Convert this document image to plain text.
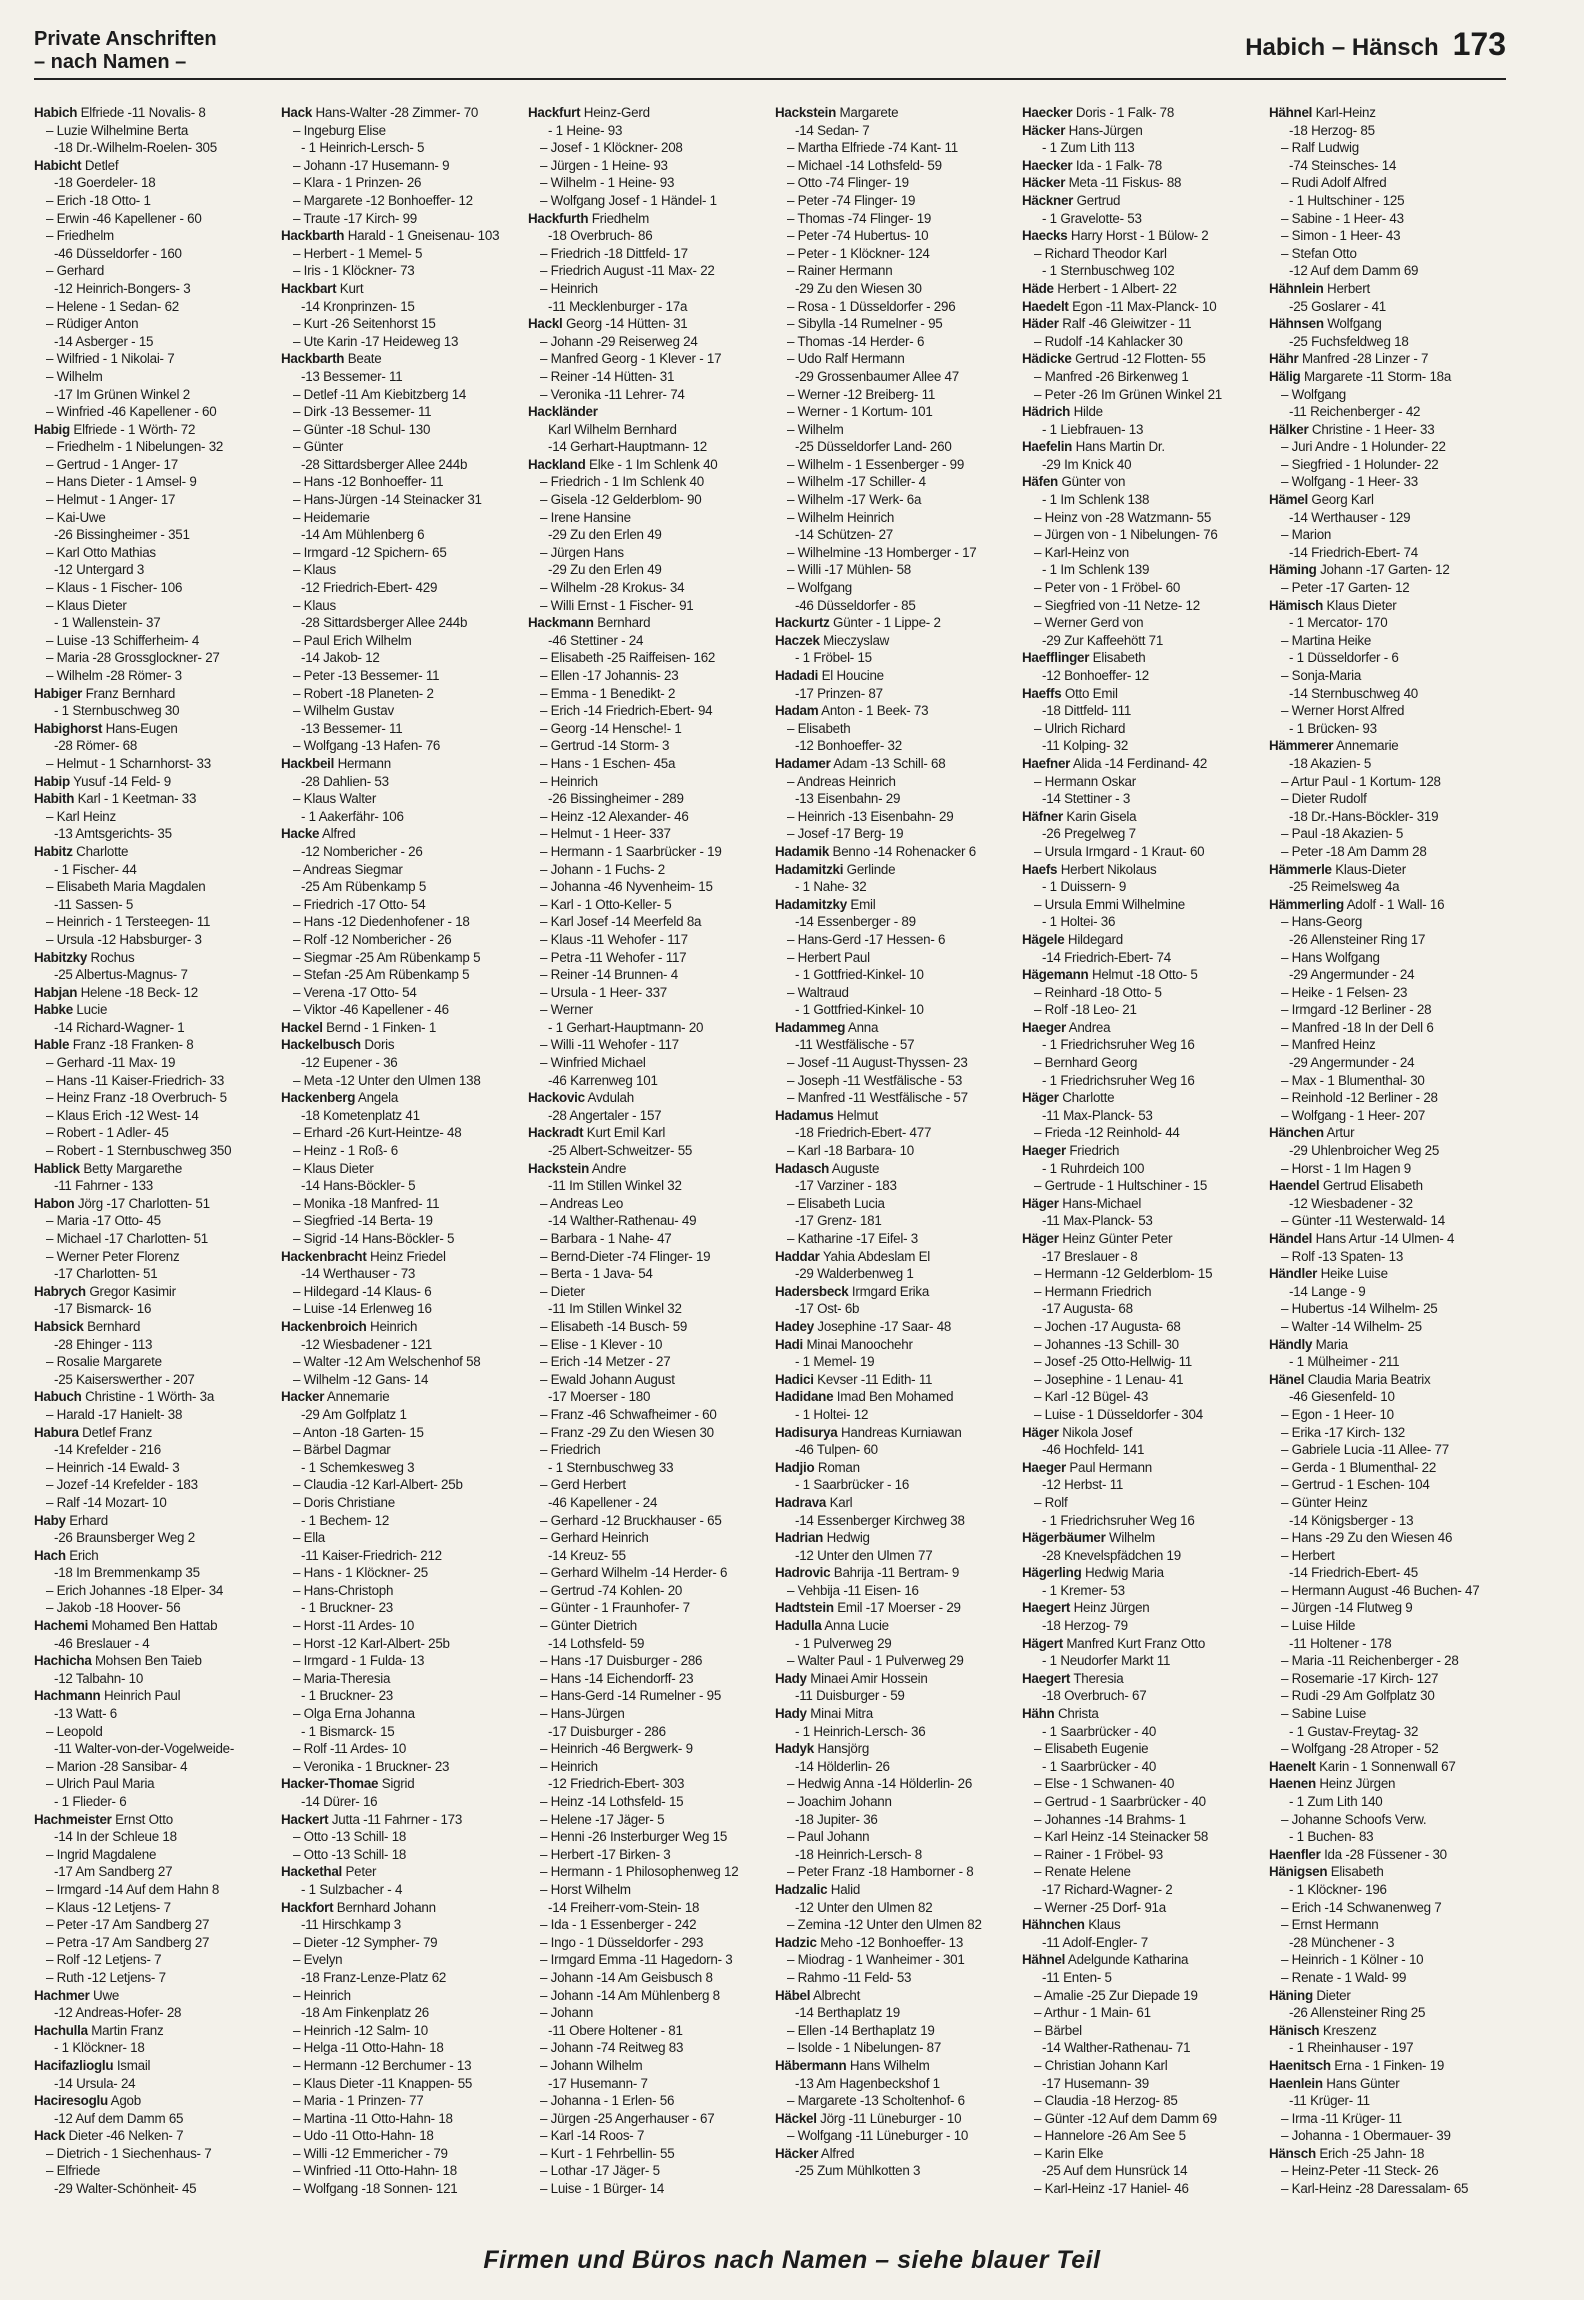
Private Anschriften
– nach Namen –
Habich – Hänsch 173
Habich Elfriede -11 Novalis- 8
– Luzie Wilhelmine Berta
-18 Dr.-Wilhelm-Roelen- 305
Habicht Detlef
-18 Goerdeler- 18
– Erich -18 Otto- 1
– Erwin -46 Kapellener - 60
– Friedhelm
-46 Düsseldorfer - 160
– Gerhard
-12 Heinrich-Bongers- 3
– Helene - 1 Sedan- 62
– Rüdiger Anton
-14 Asberger - 15
– Wilfried - 1 Nikolai- 7
– Wilhelm
-17 Im Grünen Winkel 2
– Winfried -46 Kapellener - 60
Habig Elfriede - 1 Wörth- 72
– Friedhelm - 1 Nibelungen- 32
– Gertrud - 1 Anger- 17
– Hans Dieter - 1 Amsel- 9
– Helmut - 1 Anger- 17
– Kai-Uwe
-26 Bissingheimer - 351
– Karl Otto Mathias
-12 Untergard 3
– Klaus - 1 Fischer- 106
– Klaus Dieter
- 1 Wallenstein- 37
– Luise -13 Schifferheim- 4
– Maria -28 Grossglockner- 27
– Wilhelm -28 Römer- 3
Habiger Franz Bernhard
- 1 Sternbuschweg 30
Habighorst Hans-Eugen
-28 Römer- 68
– Helmut - 1 Scharnhorst- 33
Habip Yusuf -14 Feld- 9
Habith Karl - 1 Keetman- 33
– Karl Heinz
-13 Amtsgerichts- 35
Habitz Charlotte
- 1 Fischer- 44
– Elisabeth Maria Magdalen
-11 Sassen- 5
– Heinrich - 1 Tersteegen- 11
– Ursula -12 Habsburger- 3
Habitzky Rochus
-25 Albertus-Magnus- 7
Habjan Helene -18 Beck- 12
Habke Lucie
-14 Richard-Wagner- 1
Hable Franz -18 Franken- 8
– Gerhard -11 Max- 19
– Hans -11 Kaiser-Friedrich- 33
– Heinz Franz -18 Overbruch- 5
– Klaus Erich -12 West- 14
– Robert - 1 Adler- 45
– Robert - 1 Sternbuschweg 350
Hablick Betty Margarethe
-11 Fahrner - 133
Habon Jörg -17 Charlotten- 51
– Maria -17 Otto- 45
– Michael -17 Charlotten- 51
– Werner Peter Florenz
-17 Charlotten- 51
Habrych Gregor Kasimir
-17 Bismarck- 16
Habsick Bernhard
-28 Ehinger - 113
– Rosalie Margarete
-25 Kaiserswerther - 207
Habuch Christine - 1 Wörth- 3a
– Harald -17 Hanielt- 38
Habura Detlef Franz
-14 Krefelder - 216
– Heinrich -14 Ewald- 3
– Jozef -14 Krefelder - 183
– Ralf -14 Mozart- 10
Haby Erhard
-26 Braunsberger Weg 2
Hach Erich
-18 Im Bremmenkamp 35
– Erich Johannes -18 Elper- 34
– Jakob -18 Hoover- 56
Hachemi Mohamed Ben Hattab
-46 Breslauer - 4
Hachicha Mohsen Ben Taieb
-12 Talbahn- 10
Hachmann Heinrich Paul
-13 Watt- 6
– Leopold
-11 Walter-von-der-Vogelweide-
– Marion -28 Sansibar- 4
– Ulrich Paul Maria
- 1 Flieder- 6
Hachmeister Ernst Otto
-14 In der Schleue 18
– Ingrid Magdalene
-17 Am Sandberg 27
– Irmgard -14 Auf dem Hahn 8
– Klaus -12 Letjens- 7
– Peter -17 Am Sandberg 27
– Petra -17 Am Sandberg 27
– Rolf -12 Letjens- 7
– Ruth -12 Letjens- 7
Hachmer Uwe
-12 Andreas-Hofer- 28
Hachulla Martin Franz
- 1 Klöckner- 18
Hacifazlioglu Ismail
-14 Ursula- 24
Haciresoglu Agob
-12 Auf dem Damm 65
Hack Dieter -46 Nelken- 7
– Dietrich - 1 Siechenhaus- 7
– Elfriede
-29 Walter-Schönheit- 45
Hack Hans-Walter -28 Zimmer- 70
– Ingeburg Elise
- 1 Heinrich-Lersch- 5
– Johann -17 Husemann- 9
– Klara - 1 Prinzen- 26
– Margarete -12 Bonhoeffer- 12
– Traute -17 Kirch- 99
Hackbarth Harald - 1 Gneisenau- 103
– Herbert - 1 Memel- 5
– Iris - 1 Klöckner- 73
Hackbart Kurt
-14 Kronprinzen- 15
– Kurt -26 Seitenhorst 15
– Ute Karin -17 Heideweg 13
Hackbarth Beate
-13 Bessemer- 11
– Detlef -11 Am Kiebitzberg 14
– Dirk -13 Bessemer- 11
– Günter -18 Schul- 130
– Günter
-28 Sittardsberger Allee 244b
– Hans -12 Bonhoeffer- 11
– Hans-Jürgen -14 Steinacker 31
– Heidemarie
-14 Am Mühlenberg 6
– Irmgard -12 Spichern- 65
– Klaus
-12 Friedrich-Ebert- 429
– Klaus
-28 Sittardsberger Allee 244b
– Paul Erich Wilhelm
-14 Jakob- 12
– Peter -13 Bessemer- 11
– Robert -18 Planeten- 2
– Wilhelm Gustav
-13 Bessemer- 11
– Wolfgang -13 Hafen- 76
Hackbeil Hermann
-28 Dahlien- 53
– Klaus Walter
- 1 Aakerfähr- 106
Hacke Alfred
-12 Nombericher - 26
– Andreas Siegmar
-25 Am Rübenkamp 5
– Friedrich -17 Otto- 54
– Hans -12 Diedenhofener - 18
– Rolf -12 Nombericher - 26
– Siegmar -25 Am Rübenkamp 5
– Stefan -25 Am Rübenkamp 5
– Verena -17 Otto- 54
– Viktor -46 Kapellener - 46
Hackel Bernd - 1 Finken- 1
Hackelbusch Doris
-12 Eupener - 36
– Meta -12 Unter den Ulmen 138
Hackenberg Angela
-18 Kometenplatz 41
– Erhard -26 Kurt-Heintze- 48
– Heinz - 1 Roß- 6
– Klaus Dieter
-14 Hans-Böckler- 5
– Monika -18 Manfred- 11
– Siegfried -14 Berta- 19
– Sigrid -14 Hans-Böckler- 5
Hackenbracht Heinz Friedel
-14 Werthauser - 73
– Hildegard -14 Klaus- 6
– Luise -14 Erlenweg 16
Hackenbroich Heinrich
-12 Wiesbadener - 121
– Walter -12 Am Welschenhof 58
– Wilhelm -12 Gans- 14
Hacker Annemarie
-29 Am Golfplatz 1
– Anton -18 Garten- 15
– Bärbel Dagmar
- 1 Schemkesweg 3
– Claudia -12 Karl-Albert- 25b
– Doris Christiane
- 1 Bechem- 12
– Ella
-11 Kaiser-Friedrich- 212
– Hans - 1 Klöckner- 25
– Hans-Christoph
- 1 Bruckner- 23
– Horst -11 Ardes- 10
– Horst -12 Karl-Albert- 25b
– Irmgard - 1 Fulda- 13
– Maria-Theresia
- 1 Bruckner- 23
– Olga Erna Johanna
- 1 Bismarck- 15
– Rolf -11 Ardes- 10
– Veronika - 1 Bruckner- 23
Hacker-Thomae Sigrid
-14 Dürer- 16
Hackert Jutta -11 Fahrner - 173
– Otto -13 Schill- 18
– Otto -13 Schill- 18
Hackethal Peter
- 1 Sulzbacher - 4
Hackfort Bernhard Johann
-11 Hirschkamp 3
– Dieter -12 Sympher- 79
– Evelyn
-18 Franz-Lenze-Platz 62
– Heinrich
-18 Am Finkenplatz 26
– Heinrich -12 Salm- 10
– Helga -11 Otto-Hahn- 18
– Hermann -12 Berchumer - 13
– Klaus Dieter -11 Knappen- 55
– Maria - 1 Prinzen- 77
– Martina -11 Otto-Hahn- 18
– Udo -11 Otto-Hahn- 18
– Willi -12 Emmericher - 79
– Winfried -11 Otto-Hahn- 18
– Wolfgang -18 Sonnen- 121
Hackfurt Heinz-Gerd
- 1 Heine- 93
– Josef - 1 Klöckner- 208
– Jürgen - 1 Heine- 93
– Wilhelm - 1 Heine- 93
– Wolfgang Josef - 1 Händel- 1
Hackfurth Friedhelm
-18 Overbruch- 86
– Friedrich -18 Dittfeld- 17
– Friedrich August -11 Max- 22
– Heinrich
-11 Mecklenburger - 17a
Hackl Georg -14 Hütten- 31
– Johann -29 Reiserweg 24
– Manfred Georg - 1 Klever - 17
– Reiner -14 Hütten- 31
– Veronika -11 Lehrer- 74
Hackländer
Karl Wilhelm Bernhard
-14 Gerhart-Hauptmann- 12
Hackland Elke - 1 Im Schlenk 40
– Friedrich - 1 Im Schlenk 40
– Gisela -12 Gelderblom- 90
– Irene Hansine
-29 Zu den Erlen 49
– Jürgen Hans
-29 Zu den Erlen 49
– Wilhelm -28 Krokus- 34
– Willi Ernst - 1 Fischer- 91
Hackmann Bernhard
-46 Stettiner - 24
– Elisabeth -25 Raiffeisen- 162
– Ellen -17 Johannis- 23
– Emma - 1 Benedikt- 2
– Erich -14 Friedrich-Ebert- 94
– Georg -14 Hensche!- 1
– Gertrud -14 Storm- 3
– Hans - 1 Eschen- 45a
– Heinrich
-26 Bissingheimer - 289
– Heinz -12 Alexander- 46
– Helmut - 1 Heer- 337
– Hermann - 1 Saarbrücker - 19
– Johann - 1 Fuchs- 2
– Johanna -46 Nyvenheim- 15
– Karl - 1 Otto-Keller- 5
– Karl Josef -14 Meerfeld 8a
– Klaus -11 Wehofer - 117
– Petra -11 Wehofer - 117
– Reiner -14 Brunnen- 4
– Ursula - 1 Heer- 337
– Werner
- 1 Gerhart-Hauptmann- 20
– Willi -11 Wehofer - 117
– Winfried Michael
-46 Karrenweg 101
Hackovic Avdulah
-28 Angertaler - 157
Hackradt Kurt Emil Karl
-25 Albert-Schweitzer- 55
Hackstein Andre
-11 Im Stillen Winkel 32
– Andreas Leo
-14 Walther-Rathenau- 49
– Barbara - 1 Nahe- 47
– Bernd-Dieter -74 Flinger- 19
– Berta - 1 Java- 54
– Dieter
-11 Im Stillen Winkel 32
– Elisabeth -14 Busch- 59
– Elise - 1 Klever - 10
– Erich -14 Metzer - 27
– Ewald Johann August
-17 Moerser - 180
– Franz -46 Schwafheimer - 60
– Franz -29 Zu den Wiesen 30
– Friedrich
- 1 Sternbuschweg 33
– Gerd Herbert
-46 Kapellener - 24
– Gerhard -12 Bruckhauser - 65
– Gerhard Heinrich
-14 Kreuz- 55
– Gerhard Wilhelm -14 Herder- 6
– Gertrud -74 Kohlen- 20
– Günter - 1 Fraunhofer- 7
– Günter Dietrich
-14 Lothsfeld- 59
– Hans -17 Duisburger - 286
– Hans -14 Eichendorff- 23
– Hans-Gerd -14 Rumelner - 95
– Hans-Jürgen
-17 Duisburger - 286
– Heinrich -46 Bergwerk- 9
– Heinrich
-12 Friedrich-Ebert- 303
– Heinz -14 Lothsfeld- 15
– Helene -17 Jäger- 5
– Henni -26 Insterburger Weg 15
– Herbert -17 Birken- 3
– Hermann - 1 Philosophenweg 12
– Horst Wilhelm
-14 Freiherr-vom-Stein- 18
– Ida - 1 Essenberger - 242
– Ingo - 1 Düsseldorfer - 293
– Irmgard Emma -11 Hagedorn- 3
– Johann -14 Am Geisbusch 8
– Johann -14 Am Mühlenberg 8
– Johann
-11 Obere Holtener - 81
– Johann -74 Reitweg 83
– Johann Wilhelm
-17 Husemann- 7
– Johanna - 1 Erlen- 56
– Jürgen -25 Angerhauser - 67
– Karl -14 Roos- 7
– Kurt - 1 Fehrbellin- 55
– Lothar -17 Jäger- 5
– Luise - 1 Bürger- 14
Hackstein Margarete
-14 Sedan- 7
– Martha Elfriede -74 Kant- 11
– Michael -14 Lothsfeld- 59
– Otto -74 Flinger- 19
– Peter -74 Flinger- 19
– Thomas -74 Flinger- 19
– Peter -74 Hubertus- 10
– Peter - 1 Klöckner- 124
– Rainer Hermann
-29 Zu den Wiesen 30
– Rosa - 1 Düsseldorfer - 296
– Sibylla -14 Rumelner - 95
– Thomas -14 Herder- 6
– Udo Ralf Hermann
-29 Grossenbaumer Allee 47
– Werner -12 Breiberg- 11
– Werner - 1 Kortum- 101
– Wilhelm
-25 Düsseldorfer Land- 260
– Wilhelm - 1 Essenberger - 99
– Wilhelm -17 Schiller- 4
– Wilhelm -17 Werk- 6a
– Wilhelm Heinrich
-14 Schützen- 27
– Wilhelmine -13 Homberger - 17
– Willi -17 Mühlen- 58
– Wolfgang
-46 Düsseldorfer - 85
Hackurtz Günter - 1 Lippe- 2
Haczek Mieczyslaw
- 1 Fröbel- 15
Hadadi El Houcine
-17 Prinzen- 87
Hadam Anton - 1 Beek- 73
– Elisabeth
-12 Bonhoeffer- 32
Hadamer Adam -13 Schill- 68
– Andreas Heinrich
-13 Eisenbahn- 29
– Heinrich -13 Eisenbahn- 29
– Josef -17 Berg- 19
Hadamik Benno -14 Rohenacker 6
Hadamitzki Gerlinde
- 1 Nahe- 32
Hadamitzky Emil
-14 Essenberger - 89
– Hans-Gerd -17 Hessen- 6
– Herbert Paul
- 1 Gottfried-Kinkel- 10
– Waltraud
- 1 Gottfried-Kinkel- 10
Hadammeg Anna
-11 Westfälische - 57
– Josef -11 August-Thyssen- 23
– Joseph -11 Westfälische - 53
– Manfred -11 Westfälische - 57
Hadamus Helmut
-18 Friedrich-Ebert- 477
– Karl -18 Barbara- 10
Hadasch Auguste
-17 Varziner - 183
– Elisabeth Lucia
-17 Grenz- 181
– Katharine -17 Eifel- 3
Haddar Yahia Abdeslam El
-29 Walderbenweg 1
Hadersbeck Irmgard Erika
-17 Ost- 6b
Hadey Josephine -17 Saar- 48
Hadi Minai Manoochehr
- 1 Memel- 19
Hadici Kevser -11 Edith- 11
Hadidane Imad Ben Mohamed
- 1 Holtei- 12
Hadisurya Handreas Kurniawan
-46 Tulpen- 60
Hadjio Roman
- 1 Saarbrücker - 16
Hadrava Karl
-14 Essenberger Kirchweg 38
Hadrian Hedwig
-12 Unter den Ulmen 77
Hadrovic Bahrija -11 Bertram- 9
– Vehbija -11 Eisen- 16
Hadtstein Emil -17 Moerser - 29
Hadulla Anna Lucie
- 1 Pulverweg 29
– Walter Paul - 1 Pulverweg 29
Hady Minaei Amir Hossein
-11 Duisburger - 59
Hady Minai Mitra
- 1 Heinrich-Lersch- 36
Hadyk Hansjörg
-14 Hölderlin- 26
– Hedwig Anna -14 Hölderlin- 26
– Joachim Johann
-18 Jupiter- 36
– Paul Johann
-18 Heinrich-Lersch- 8
– Peter Franz -18 Hamborner - 8
Hadzalic Halid
-12 Unter den Ulmen 82
– Zemina -12 Unter den Ulmen 82
Hadzic Meho -12 Bonhoeffer- 13
– Miodrag - 1 Wanheimer - 301
– Rahmo -11 Feld- 53
Häbel Albrecht
-14 Berthaplatz 19
– Ellen -14 Berthaplatz 19
– Isolde - 1 Nibelungen- 87
Häbermann Hans Wilhelm
-13 Am Hagenbeckshof 1
– Margarete -13 Scholtenhof- 6
Häckel Jörg -11 Lüneburger - 10
– Wolfgang -11 Lüneburger - 10
Häcker Alfred
-25 Zum Mühlkotten 3
Haecker Doris - 1 Falk- 78
Häcker Hans-Jürgen
- 1 Zum Lith 113
Haecker Ida - 1 Falk- 78
Häcker Meta -11 Fiskus- 88
Häckner Gertrud
- 1 Gravelotte- 53
Haecks Harry Horst - 1 Bülow- 2
– Richard Theodor Karl
- 1 Sternbuschweg 102
Häde Herbert - 1 Albert- 22
Haedelt Egon -11 Max-Planck- 10
Häder Ralf -46 Gleiwitzer - 11
– Rudolf -14 Kahlacker 30
Hädicke Gertrud -12 Flotten- 55
– Manfred -26 Birkenweg 1
– Peter -26 Im Grünen Winkel 21
Hädrich Hilde
- 1 Liebfrauen- 13
Haefelin Hans Martin Dr.
-29 Im Knick 40
Häfen Günter von
- 1 Im Schlenk 138
– Heinz von -28 Watzmann- 55
– Jürgen von - 1 Nibelungen- 76
– Karl-Heinz von
- 1 Im Schlenk 139
– Peter von - 1 Fröbel- 60
– Siegfried von -11 Netze- 12
– Werner Gerd von
-29 Zur Kaffeehött 71
Haefflinger Elisabeth
-12 Bonhoeffer- 12
Haeffs Otto Emil
-18 Dittfeld- 111
– Ulrich Richard
-11 Kolping- 32
Haefner Alida -14 Ferdinand- 42
– Hermann Oskar
-14 Stettiner - 3
Häfner Karin Gisela
-26 Pregelweg 7
– Ursula Irmgard - 1 Kraut- 60
Haefs Herbert Nikolaus
- 1 Duissern- 9
– Ursula Emmi Wilhelmine
- 1 Holtei- 36
Hägele Hildegard
-14 Friedrich-Ebert- 74
Hägemann Helmut -18 Otto- 5
– Reinhard -18 Otto- 5
– Rolf -18 Leo- 21
Haeger Andrea
- 1 Friedrichsruher Weg 16
– Bernhard Georg
- 1 Friedrichsruher Weg 16
Häger Charlotte
-11 Max-Planck- 53
– Frieda -12 Reinhold- 44
Haeger Friedrich
- 1 Ruhrdeich 100
– Gertrude - 1 Hultschiner - 15
Häger Hans-Michael
-11 Max-Planck- 53
Häger Heinz Günter Peter
-17 Breslauer - 8
– Hermann -12 Gelderblom- 15
– Hermann Friedrich
-17 Augusta- 68
– Jochen -17 Augusta- 68
– Johannes -13 Schill- 30
– Josef -25 Otto-Hellwig- 11
– Josephine - 1 Lenau- 41
– Karl -12 Bügel- 43
– Luise - 1 Düsseldorfer - 304
Häger Nikola Josef
-46 Hochfeld- 141
Haeger Paul Hermann
-12 Herbst- 11
– Rolf
- 1 Friedrichsruher Weg 16
Hägerbäumer Wilhelm
-28 Knevelspfädchen 19
Hägerling Hedwig Maria
- 1 Kremer- 53
Haegert Heinz Jürgen
-18 Herzog- 79
Hägert Manfred Kurt Franz Otto
- 1 Neudorfer Markt 11
Haegert Theresia
-18 Overbruch- 67
Hähn Christa
- 1 Saarbrücker - 40
– Elisabeth Eugenie
- 1 Saarbrücker - 40
– Else - 1 Schwanen- 40
– Gertrud - 1 Saarbrücker - 40
– Johannes -14 Brahms- 1
– Karl Heinz -14 Steinacker 58
– Rainer - 1 Fröbel- 93
– Renate Helene
-17 Richard-Wagner- 2
– Werner -25 Dorf- 91a
Hähnchen Klaus
-11 Adolf-Engler- 7
Hähnel Adelgunde Katharina
-11 Enten- 5
– Amalie -25 Zur Diepade 19
– Arthur - 1 Main- 61
– Bärbel
-14 Walther-Rathenau- 71
– Christian Johann Karl
-17 Husemann- 39
– Claudia -18 Herzog- 85
– Günter -12 Auf dem Damm 69
– Hannelore -26 Am See 5
– Karin Elke
-25 Auf dem Hunsrück 14
– Karl-Heinz -17 Haniel- 46
Hähnel Karl-Heinz
-18 Herzog- 85
– Ralf Ludwig
-74 Steinsches- 14
– Rudi Adolf Alfred
- 1 Hultschiner - 125
– Sabine - 1 Heer- 43
– Simon - 1 Heer- 43
– Stefan Otto
-12 Auf dem Damm 69
Hähnlein Herbert
-25 Goslarer - 41
Hähnsen Wolfgang
-25 Fuchsfeldweg 18
Hähr Manfred -28 Linzer - 7
Hälig Margarete -11 Storm- 18a
– Wolfgang
-11 Reichenberger - 42
Hälker Christine - 1 Heer- 33
– Juri Andre - 1 Holunder- 22
– Siegfried - 1 Holunder- 22
– Wolfgang - 1 Heer- 33
Hämel Georg Karl
-14 Werthauser - 129
– Marion
-14 Friedrich-Ebert- 74
Häming Johann -17 Garten- 12
– Peter -17 Garten- 12
Hämisch Klaus Dieter
- 1 Mercator- 170
– Martina Heike
- 1 Düsseldorfer - 6
– Sonja-Maria
-14 Sternbuschweg 40
– Werner Horst Alfred
- 1 Brücken- 93
Hämmerer Annemarie
-18 Akazien- 5
– Artur Paul - 1 Kortum- 128
– Dieter Rudolf
-18 Dr.-Hans-Böckler- 319
– Paul -18 Akazien- 5
– Peter -18 Am Damm 28
Hämmerle Klaus-Dieter
-25 Reimelsweg 4a
Hämmerling Adolf - 1 Wall- 16
– Hans-Georg
-26 Allensteiner Ring 17
– Hans Wolfgang
-29 Angermunder - 24
– Heike - 1 Felsen- 23
– Irmgard -12 Berliner - 28
– Manfred -18 In der Dell 6
– Manfred Heinz
-29 Angermunder - 24
– Max - 1 Blumenthal- 30
– Reinhold -12 Berliner - 28
– Wolfgang - 1 Heer- 207
Hänchen Artur
-29 Uhlenbroicher Weg 25
– Horst - 1 Im Hagen 9
Haendel Gertrud Elisabeth
-12 Wiesbadener - 32
– Günter -11 Westerwald- 14
Händel Hans Artur -14 Ulmen- 4
– Rolf -13 Spaten- 13
Händler Heike Luise
-14 Lange - 9
– Hubertus -14 Wilhelm- 25
– Walter -14 Wilhelm- 25
Händly Maria
- 1 Mülheimer - 211
Hänel Claudia Maria Beatrix
-46 Giesenfeld- 10
– Egon - 1 Heer- 10
– Erika -17 Kirch- 132
– Gabriele Lucia -11 Allee- 77
– Gerda - 1 Blumenthal- 22
– Gertrud - 1 Eschen- 104
– Günter Heinz
-14 Königsberger - 13
– Hans -29 Zu den Wiesen 46
– Herbert
-14 Friedrich-Ebert- 45
– Hermann August -46 Buchen- 47
– Jürgen -14 Flutweg 9
– Luise Hilde
-11 Holtener - 178
– Maria -11 Reichenberger - 28
– Rosemarie -17 Kirch- 127
– Rudi -29 Am Golfplatz 30
– Sabine Luise
- 1 Gustav-Freytag- 32
– Wolfgang -28 Atroper - 52
Haenelt Karin - 1 Sonnenwall 67
Haenen Heinz Jürgen
- 1 Zum Lith 140
– Johanne Schoofs Verw.
- 1 Buchen- 83
Haenfler Ida -28 Füssener - 30
Hänigsen Elisabeth
- 1 Klöckner- 196
– Erich -14 Schwanenweg 7
– Ernst Hermann
-28 Münchener - 3
– Heinrich - 1 Kölner - 10
– Renate - 1 Wald- 99
Häning Dieter
-26 Allensteiner Ring 25
Hänisch Kreszenz
- 1 Rheinhauser - 197
Haenitsch Erna - 1 Finken- 19
Haenlein Hans Günter
-11 Krüger- 11
– Irma -11 Krüger- 11
– Johanna - 1 Obermauer- 39
Hänsch Erich -25 Jahn- 18
– Heinz-Peter -11 Steck- 26
– Karl-Heinz -28 Daressalam- 65
Firmen und Büros nach Namen – siehe blauer Teil
